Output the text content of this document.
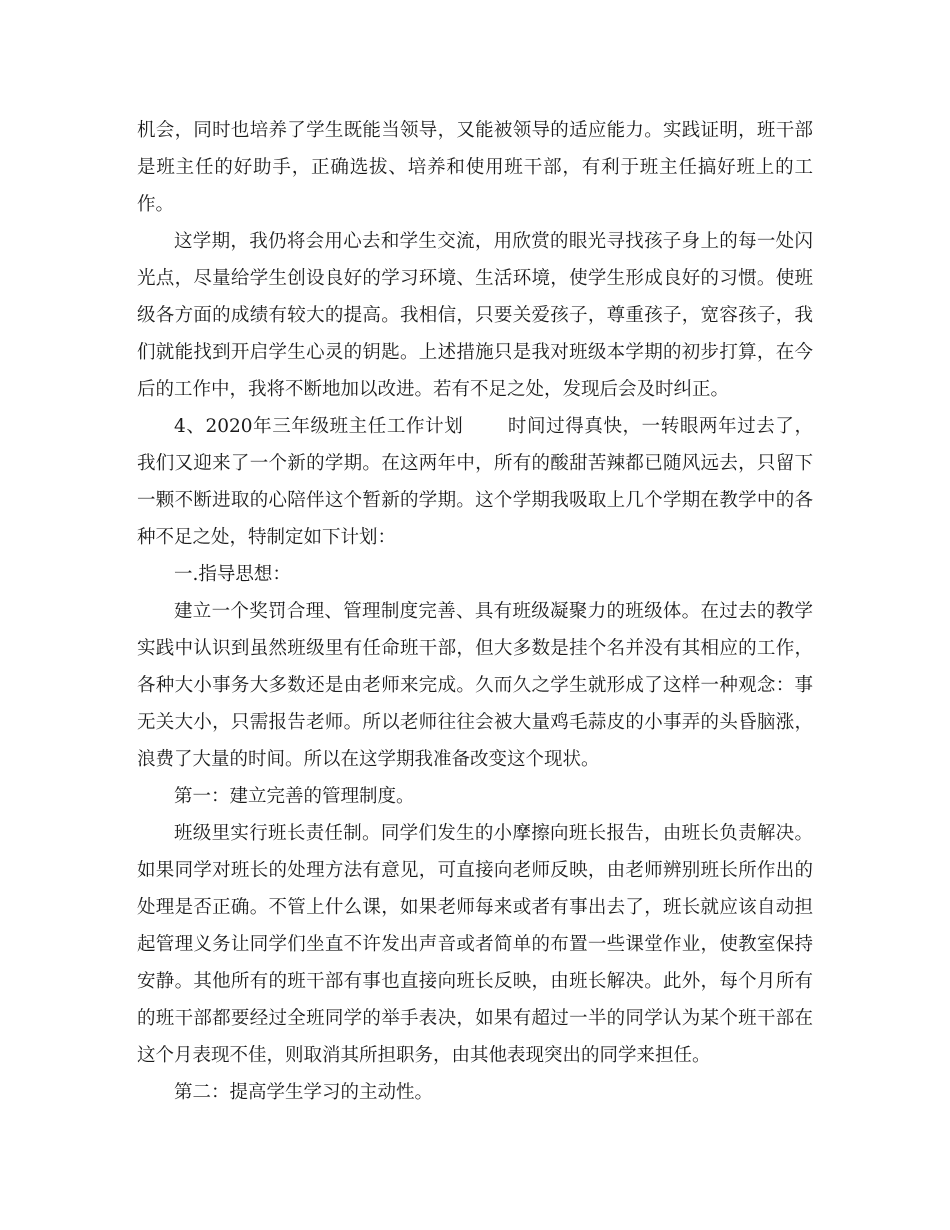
机会，同时也培养了学生既能当领导，又能被领导的适应能力。实践证明，班干部是班主任的好助手，正确选拔、培养和使用班干部，有利于班主任搞好班上的工作。

这学期，我仍将会用心去和学生交流，用欣赏的眼光寻找孩子身上的每一处闪光点，尽量给学生创设良好的学习环境、生活环境，使学生形成良好的习惯。使班级各方面的成绩有较大的提高。我相信，只要关爱孩子，尊重孩子，宽容孩子，我们就能找到开启学生心灵的钥匙。上述措施只是我对班级本学期的初步打算，在今后的工作中，我将不断地加以改进。若有不足之处，发现后会及时纠正。

4、2020年三年级班主任工作计划 时间过得真快，一转眼两年过去了，我们又迎来了一个新的学期。在这两年中，所有的酸甜苦辣都已随风远去，只留下一颗不断进取的心陪伴这个暂新的学期。这个学期我吸取上几个学期在教学中的各种不足之处，特制定如下计划：

一.指导思想：

建立一个奖罚合理、管理制度完善、具有班级凝聚力的班级体。在过去的教学实践中认识到虽然班级里有任命班干部，但大多数是挂个名并没有其相应的工作，各种大小事务大多数还是由老师来完成。久而久之学生就形成了这样一种观念：事无关大小，只需报告老师。所以老师往往会被大量鸡毛蒜皮的小事弄的头昏脑涨，浪费了大量的时间。所以在这学期我准备改变这个现状。

第一：建立完善的管理制度。

班级里实行班长责任制。同学们发生的小摩擦向班长报告，由班长负责解决。如果同学对班长的处理方法有意见，可直接向老师反映，由老师辨别班长所作出的处理是否正确。不管上什么课，如果老师每来或者有事出去了，班长就应该自动担起管理义务让同学们坐直不许发出声音或者简单的布置一些课堂作业，使教室保持安静。其他所有的班干部有事也直接向班长反映，由班长解决。此外，每个月所有的班干部都要经过全班同学的举手表决，如果有超过一半的同学认为某个班干部在这个月表现不佳，则取消其所担职务，由其他表现突出的同学来担任。

第二：提高学生学习的主动性。
